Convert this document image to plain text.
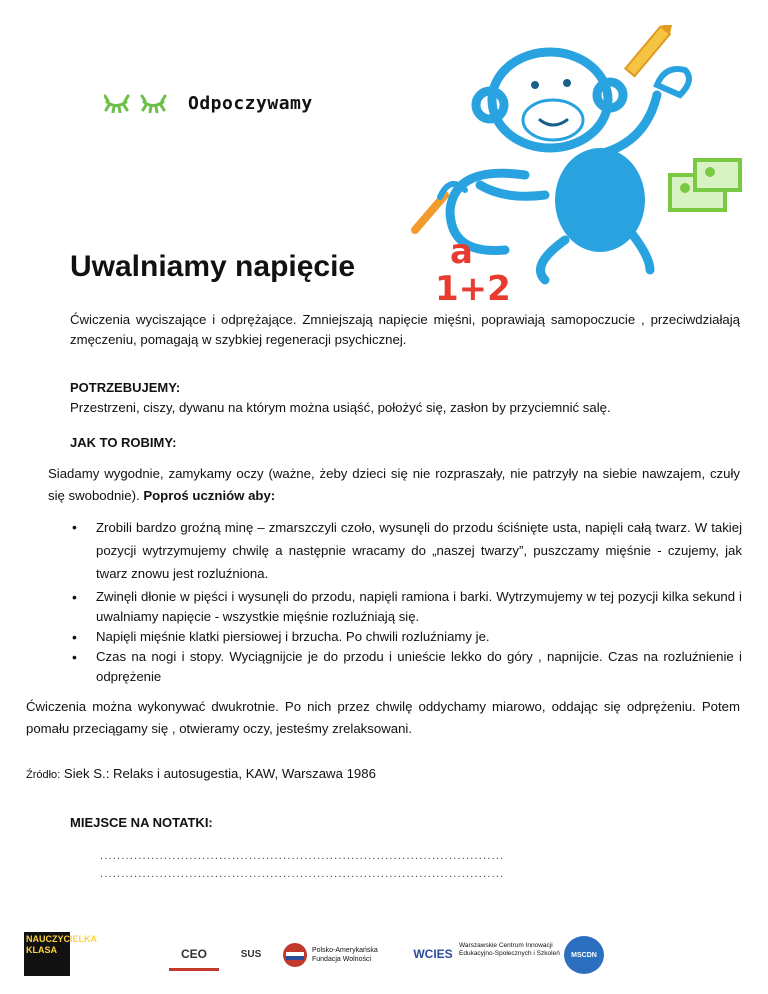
Odpoczywamy
a
1+2
Uwalniamy napięcie
Ćwiczenia wyciszające i odprężające. Zmniejszają napięcie mięśni, poprawiają samopoczucie , przeciwdziałają zmęczeniu, pomagają w szybkiej regeneracji psychicznej.
POTRZEBUJEMY:
Przestrzeni, ciszy, dywanu na którym można usiąść, położyć się, zasłon by przyciemnić salę.
JAK TO ROBIMY:
Siadamy wygodnie, zamykamy oczy (ważne, żeby dzieci się nie rozpraszały, nie patrzyły na siebie nawzajem, czuły się swobodnie). Poproś uczniów aby:
• Zrobili bardzo groźną minę – zmarszczyli czoło, wysunęli do przodu ściśnięte usta, napięli całą twarz. W takiej pozycji wytrzymujemy chwilę a następnie wracamy do „naszej twarzy”, puszczamy mięśnie - czujemy, jak twarz znowu jest rozluźniona.
• Zwinęli dłonie w pięści i wysunęli do przodu, napięli ramiona i barki. Wytrzymujemy w tej pozycji kilka sekund i uwalniamy napięcie - wszystkie mięśnie rozluźniają się.
• Napięli mięśnie klatki piersiowej i brzucha. Po chwili rozluźniamy je.
• Czas na nogi i stopy. Wyciągnijcie je do przodu i unieście lekko do góry , napnijcie. Czas na rozluźnienie i odprężenie
Ćwiczenia można wykonywać dwukrotnie. Po nich przez chwilę oddychamy miarowo, oddając się odprężeniu. Potem pomału przeciągamy się , otwieramy oczy, jesteśmy zrelaksowani.
Źródło: Siek S.: Relaks i autosugestia, KAW, Warszawa 1986
MIEJSCE NA NOTATKI:
...............................................................................................
...............................................................................................
NAUCZYCIELKA KLASA	CEO	SUS	Polsko-Amerykańska Fundacja Wolności	WCIES
Warszawskie Centrum Innowacji Edukacyjno-Społecznych i Szkoleń	MSCDN
